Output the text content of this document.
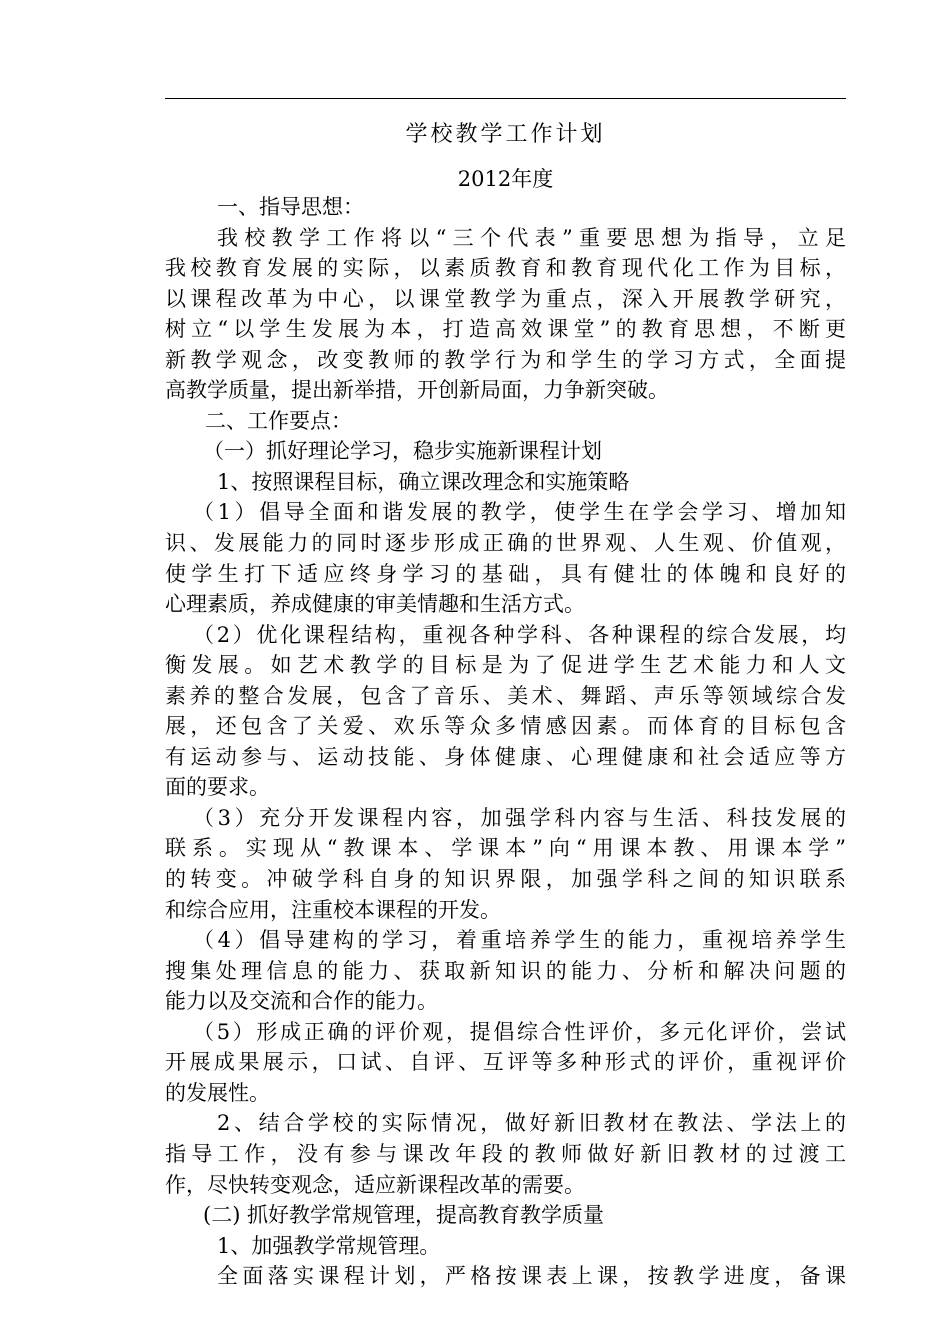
学校教学工作计划
2012年度
一、指导思想：
我校教学工作将以“三个代表”重要思想为指导，立足
我校教育发展的实际，以素质教育和教育现代化工作为目标，
以课程改革为中心，以课堂教学为重点，深入开展教学研究，
树立“以学生发展为本，打造高效课堂”的教育思想，不断更
新教学观念，改变教师的教学行为和学生的学习方式，全面提
高教学质量，提出新举措，开创新局面，力争新突破。
二、工作要点：
（一）抓好理论学习，稳步实施新课程计划
1、按照课程目标，确立课改理念和实施策略
（1）倡导全面和谐发展的教学，使学生在学会学习、增加知
识、发展能力的同时逐步形成正确的世界观、人生观、价值观，
使学生打下适应终身学习的基础，具有健壮的体魄和良好的
心理素质，养成健康的审美情趣和生活方式。
（2）优化课程结构，重视各种学科、各种课程的综合发展，均
衡发展。如艺术教学的目标是为了促进学生艺术能力和人文
素养的整合发展，包含了音乐、美术、舞蹈、声乐等领域综合发
展，还包含了关爱、欢乐等众多情感因素。而体育的目标包含
有运动参与、运动技能、身体健康、心理健康和社会适应等方
面的要求。
（3）充分开发课程内容，加强学科内容与生活、科技发展的
联系。实现从“教课本、学课本”向“用课本教、用课本学”
的转变。冲破学科自身的知识界限，加强学科之间的知识联系
和综合应用，注重校本课程的开发。
（4）倡导建构的学习，着重培养学生的能力，重视培养学生
搜集处理信息的能力、获取新知识的能力、分析和解决问题的
能力以及交流和合作的能力。
（5）形成正确的评价观，提倡综合性评价，多元化评价，尝试
开展成果展示，口试、自评、互评等多种形式的评价，重视评价
的发展性。
2、结合学校的实际情况，做好新旧教材在教法、学法上的
指导工作，没有参与课改年段的教师做好新旧教材的过渡工
作，尽快转变观念，适应新课程改革的需要。
(二) 抓好教学常规管理，提高教育教学质量
1、加强教学常规管理。
全面落实课程计划，严格按课表上课，按教学进度，备课
